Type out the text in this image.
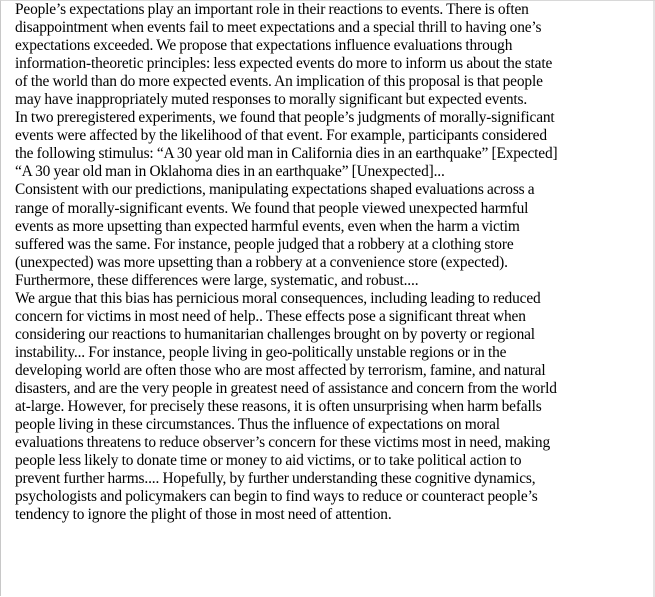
People’s expectations play an important role in their reactions to events. There is often
disappointment when events fail to meet expectations and a special thrill to having one’s
expectations exceeded. We propose that expectations influence evaluations through
information-theoretic principles: less expected events do more to inform us about the state
of the world than do more expected events. An implication of this proposal is that people
may have inappropriately muted responses to morally significant but expected events.

In two preregistered experiments, we found that people’s judgments of morally-significant
events were affected by the likelihood of that event. For example, participants considered
the following stimulus: “A 30 year old man in California dies in an earthquake” [Expected]
“A 30 year old man in Oklahoma dies in an earthquake” [Unexpected]...

Consistent with our predictions, manipulating expectations shaped evaluations across a
range of morally-significant events. We found that people viewed unexpected harmful
events as more upsetting than expected harmful events, even when the harm a victim
suffered was the same. For instance, people judged that a robbery at a clothing store
(unexpected) was more upsetting than a robbery at a convenience store (expected).
Furthermore, these differences were large, systematic, and robust....

We argue that this bias has pernicious moral consequences, including leading to reduced
concern for victims in most need of help.. These effects pose a significant threat when
considering our reactions to humanitarian challenges brought on by poverty or regional
instability... For instance, people living in geo-politically unstable regions or in the
developing world are often those who are most affected by terrorism, famine, and natural
disasters, and are the very people in greatest need of assistance and concern from the world
at-large. However, for precisely these reasons, it is often unsurprising when harm befalls
people living in these circumstances. Thus the influence of expectations on moral
evaluations threatens to reduce observer’s concern for these victims most in need, making
people less likely to donate time or money to aid victims, or to take political action to
prevent further harms.... Hopefully, by further understanding these cognitive dynamics,
psychologists and policymakers can begin to find ways to reduce or counteract people’s
tendency to ignore the plight of those in most need of attention.
